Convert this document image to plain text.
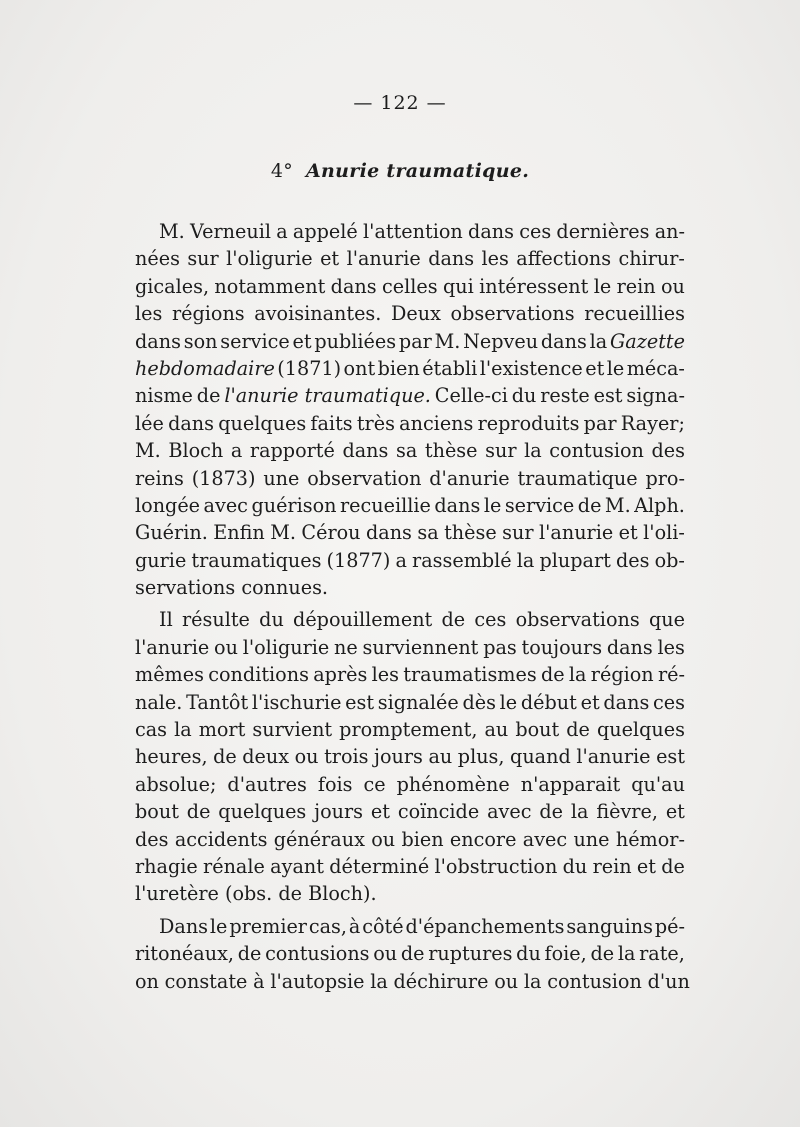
— 122 —
4° Anurie traumatique.
M. Verneuil a appelé l'attention dans ces dernières an-
nées sur l'oligurie et l'anurie dans les affections chirur-
gicales, notamment dans celles qui intéressent le rein ou
les régions avoisinantes. Deux observations recueillies
dans son service et publiées par M. Nepveu dans la Gazette
hebdomadaire (1871) ont bien établi l'existence et le méca-
nisme de l'anurie traumatique. Celle-ci du reste est signa-
lée dans quelques faits très anciens reproduits par Rayer;
M. Bloch a rapporté dans sa thèse sur la contusion des
reins (1873) une observation d'anurie traumatique pro-
longée avec guérison recueillie dans le service de M. Alph.
Guérin. Enfin M. Cérou dans sa thèse sur l'anurie et l'oli-
gurie traumatiques (1877) a rassemblé la plupart des ob-
servations connues.
Il résulte du dépouillement de ces observations que
l'anurie ou l'oligurie ne surviennent pas toujours dans les
mêmes conditions après les traumatismes de la région ré-
nale. Tantôt l'ischurie est signalée dès le début et dans ces
cas la mort survient promptement, au bout de quelques
heures, de deux ou trois jours au plus, quand l'anurie est
absolue; d'autres fois ce phénomène n'apparait qu'au
bout de quelques jours et coïncide avec de la fièvre, et
des accidents généraux ou bien encore avec une hémor-
rhagie rénale ayant déterminé l'obstruction du rein et de
l'uretère (obs. de Bloch).
Dans le premier cas, à côté d'épanchements sanguins pé-
ritonéaux, de contusions ou de ruptures du foie, de la rate,
on constate à l'autopsie la déchirure ou la contusion d'un
